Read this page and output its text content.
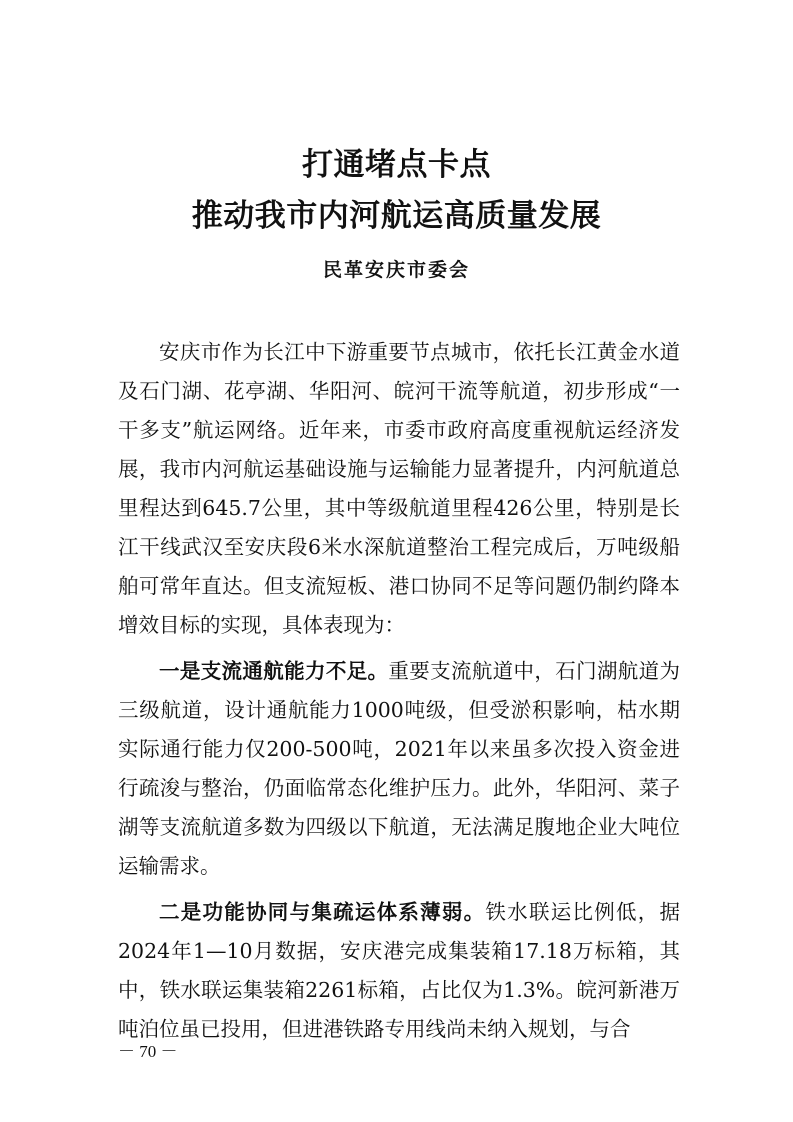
打通堵点卡点
推动我市内河航运高质量发展
民革安庆市委会

安庆市作为长江中下游重要节点城市，依托长江黄金水道及石门湖、花亭湖、华阳河、皖河干流等航道，初步形成“一干多支”航运网络。近年来，市委市政府高度重视航运经济发展，我市内河航运基础设施与运输能力显著提升，内河航道总里程达到645.7公里，其中等级航道里程426公里，特别是长江干线武汉至安庆段6米水深航道整治工程完成后，万吨级船舶可常年直达。但支流短板、港口协同不足等问题仍制约降本增效目标的实现，具体表现为：

一是支流通航能力不足。重要支流航道中，石门湖航道为三级航道，设计通航能力1000吨级，但受淤积影响，枯水期实际通行能力仅200-500吨，2021年以来虽多次投入资金进行疏浚与整治，仍面临常态化维护压力。此外，华阳河、菜子湖等支流航道多数为四级以下航道，无法满足腹地企业大吨位运输需求。

二是功能协同与集疏运体系薄弱。铁水联运比例低，据2024年1—10月数据，安庆港完成集装箱17.18万标箱，其中，铁水联运集装箱2261标箱，占比仅为1.3%。皖河新港万吨泊位虽已投用，但进港铁路专用线尚未纳入规划，与合

－ 70 －
